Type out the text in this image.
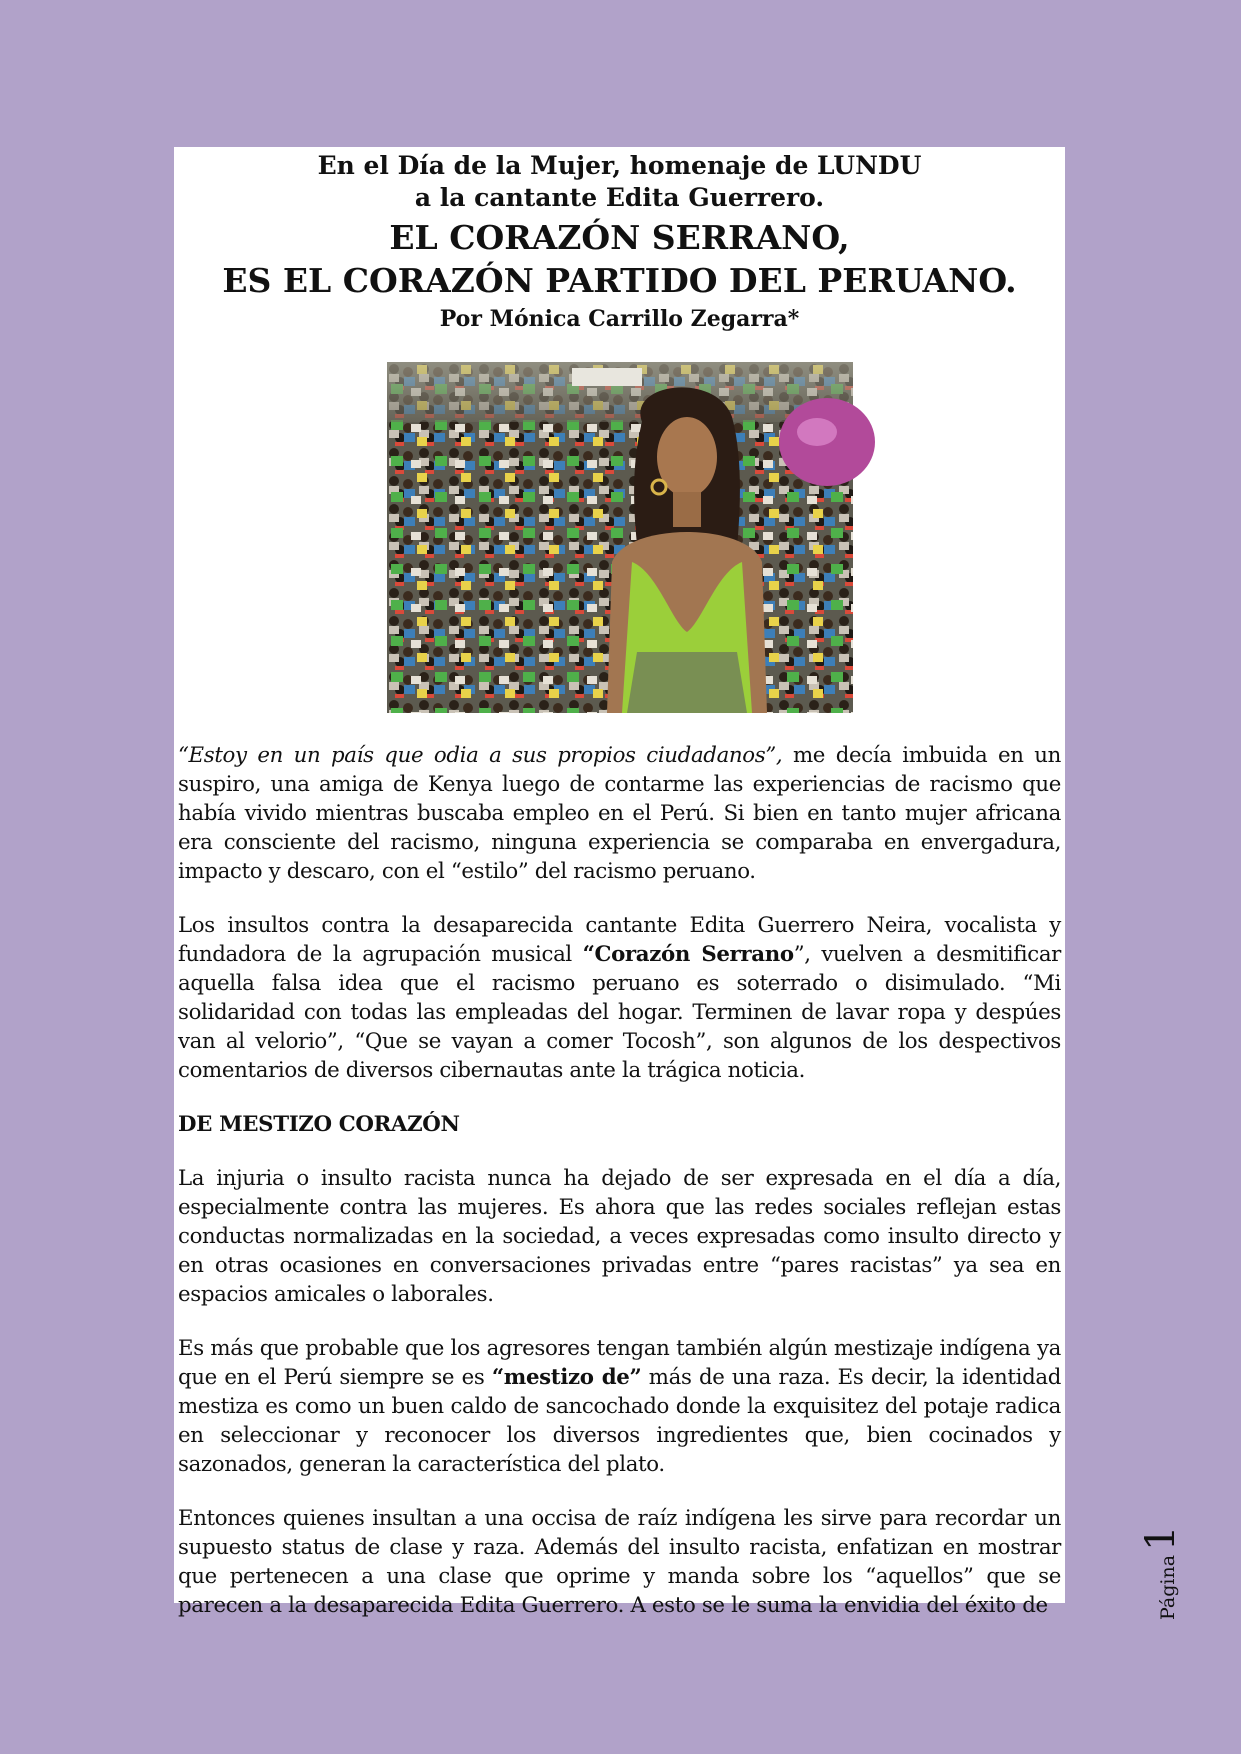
En el Día de la Mujer, homenaje de LUNDU

a la cantante Edita Guerrero.

EL CORAZÓN SERRANO,

ES EL CORAZÓN PARTIDO DEL PERUANO.

Por Mónica Carrillo Zegarra*

“Estoy en un país que odia a sus propios ciudadanos”, me decía imbuida en un suspiro, una amiga de Kenya luego de contarme las experiencias de racismo que había vivido mientras buscaba empleo en el Perú. Si bien en tanto mujer africana era consciente del racismo, ninguna experiencia se comparaba en envergadura, impacto y descaro, con el “estilo” del racismo peruano.

Los insultos contra la desaparecida cantante Edita Guerrero Neira, vocalista y fundadora de la agrupación musical “Corazón Serrano”, vuelven a desmitificar aquella falsa idea que el racismo peruano es soterrado o disimulado. “Mi solidaridad con todas las empleadas del hogar. Terminen de lavar ropa y despúes van al velorio”, “Que se vayan a comer Tocosh”, son algunos de los despectivos comentarios de diversos cibernautas ante la trágica noticia.

DE MESTIZO CORAZÓN

La injuria o insulto racista nunca ha dejado de ser expresada en el día a día, especialmente contra las mujeres. Es ahora que las redes sociales reflejan estas conductas normalizadas en la sociedad, a veces expresadas como insulto directo y en otras ocasiones en conversaciones privadas entre “pares racistas” ya sea en espacios amicales o laborales.

Es más que probable que los agresores tengan también algún mestizaje indígena ya que en el Perú siempre se es “mestizo de” más de una raza. Es decir, la identidad mestiza es como un buen caldo de sancochado donde la exquisitez del potaje radica en seleccionar y reconocer los diversos ingredientes que, bien cocinados y sazonados, generan la característica del plato.

Entonces quienes insultan a una occisa de raíz indígena les sirve para recordar un supuesto status de clase y raza. Además del insulto racista, enfatizan en mostrar que pertenecen a una clase que oprime y manda sobre los “aquellos” que se parecen a la desaparecida Edita Guerrero. A esto se le suma la envidia del éxito de	Página1
